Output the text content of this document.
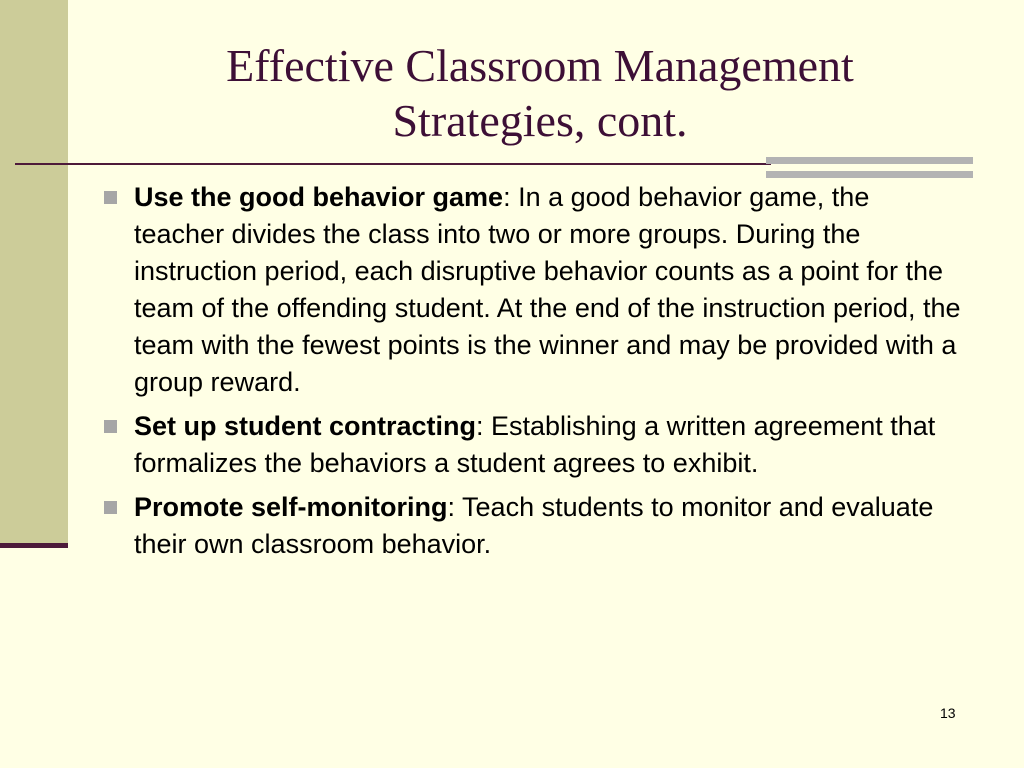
Effective Classroom Management
Strategies, cont.
Use the good behavior game: In a good behavior game, the teacher divides the class into two or more groups. During the instruction period, each disruptive behavior counts as a point for the team of the offending student. At the end of the instruction period, the team with the fewest points is the winner and may be provided with a group reward.
Set up student contracting: Establishing a written agreement that formalizes the behaviors a student agrees to exhibit.
Promote self-monitoring: Teach students to monitor and evaluate their own classroom behavior.
13
